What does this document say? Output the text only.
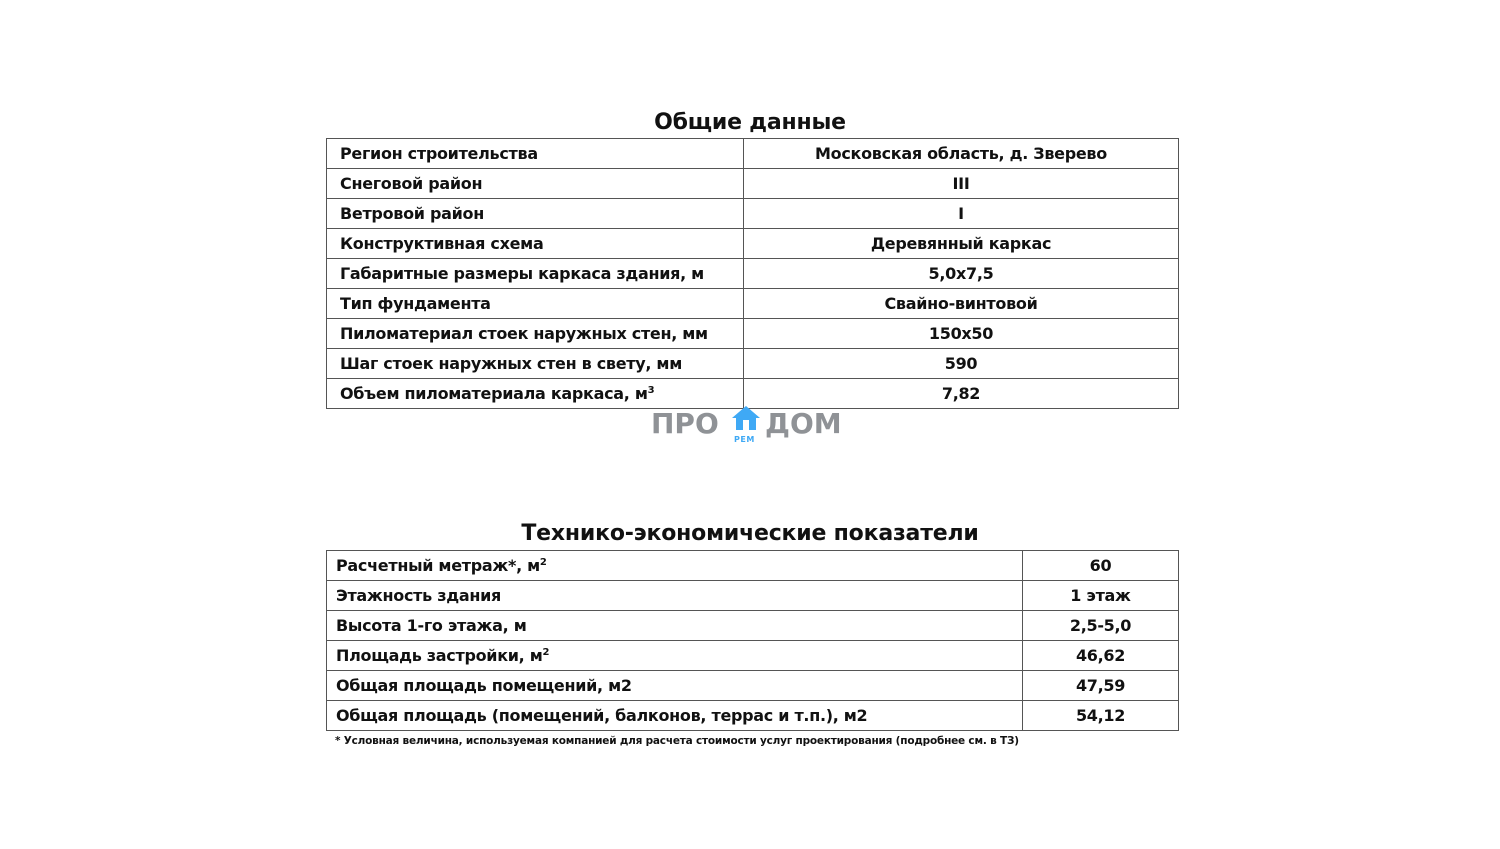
Общие данные
Регион строительства	Московская область, д. Зверево
Снеговой район	III
Ветровой район	I
Конструктивная схема	Деревянный каркас
Габаритные размеры каркаса здания, м	5,0х7,5
Тип фундамента	Свайно-винтовой
Пиломатериал стоек наружных стен, мм	150х50
Шаг стоек наружных стен в свету, мм	590
Объем пиломатериала каркаса, $м^3$	7,82
ПРО РЕМ ДОМ
Технико-экономические показатели
Расчетный метраж*, $м^2$	60
Этажность здания	1 этаж
Высота 1-го этажа, м	2,5-5,0
Площадь застройки, $м^2$	46,62
Общая площадь помещений, м2	47,59
Общая площадь (помещений, балконов, террас и т.п.), м2	54,12
* Условная величина, используемая компанией для расчета стоимости услуг проектирования (подробнее см. в ТЗ)
